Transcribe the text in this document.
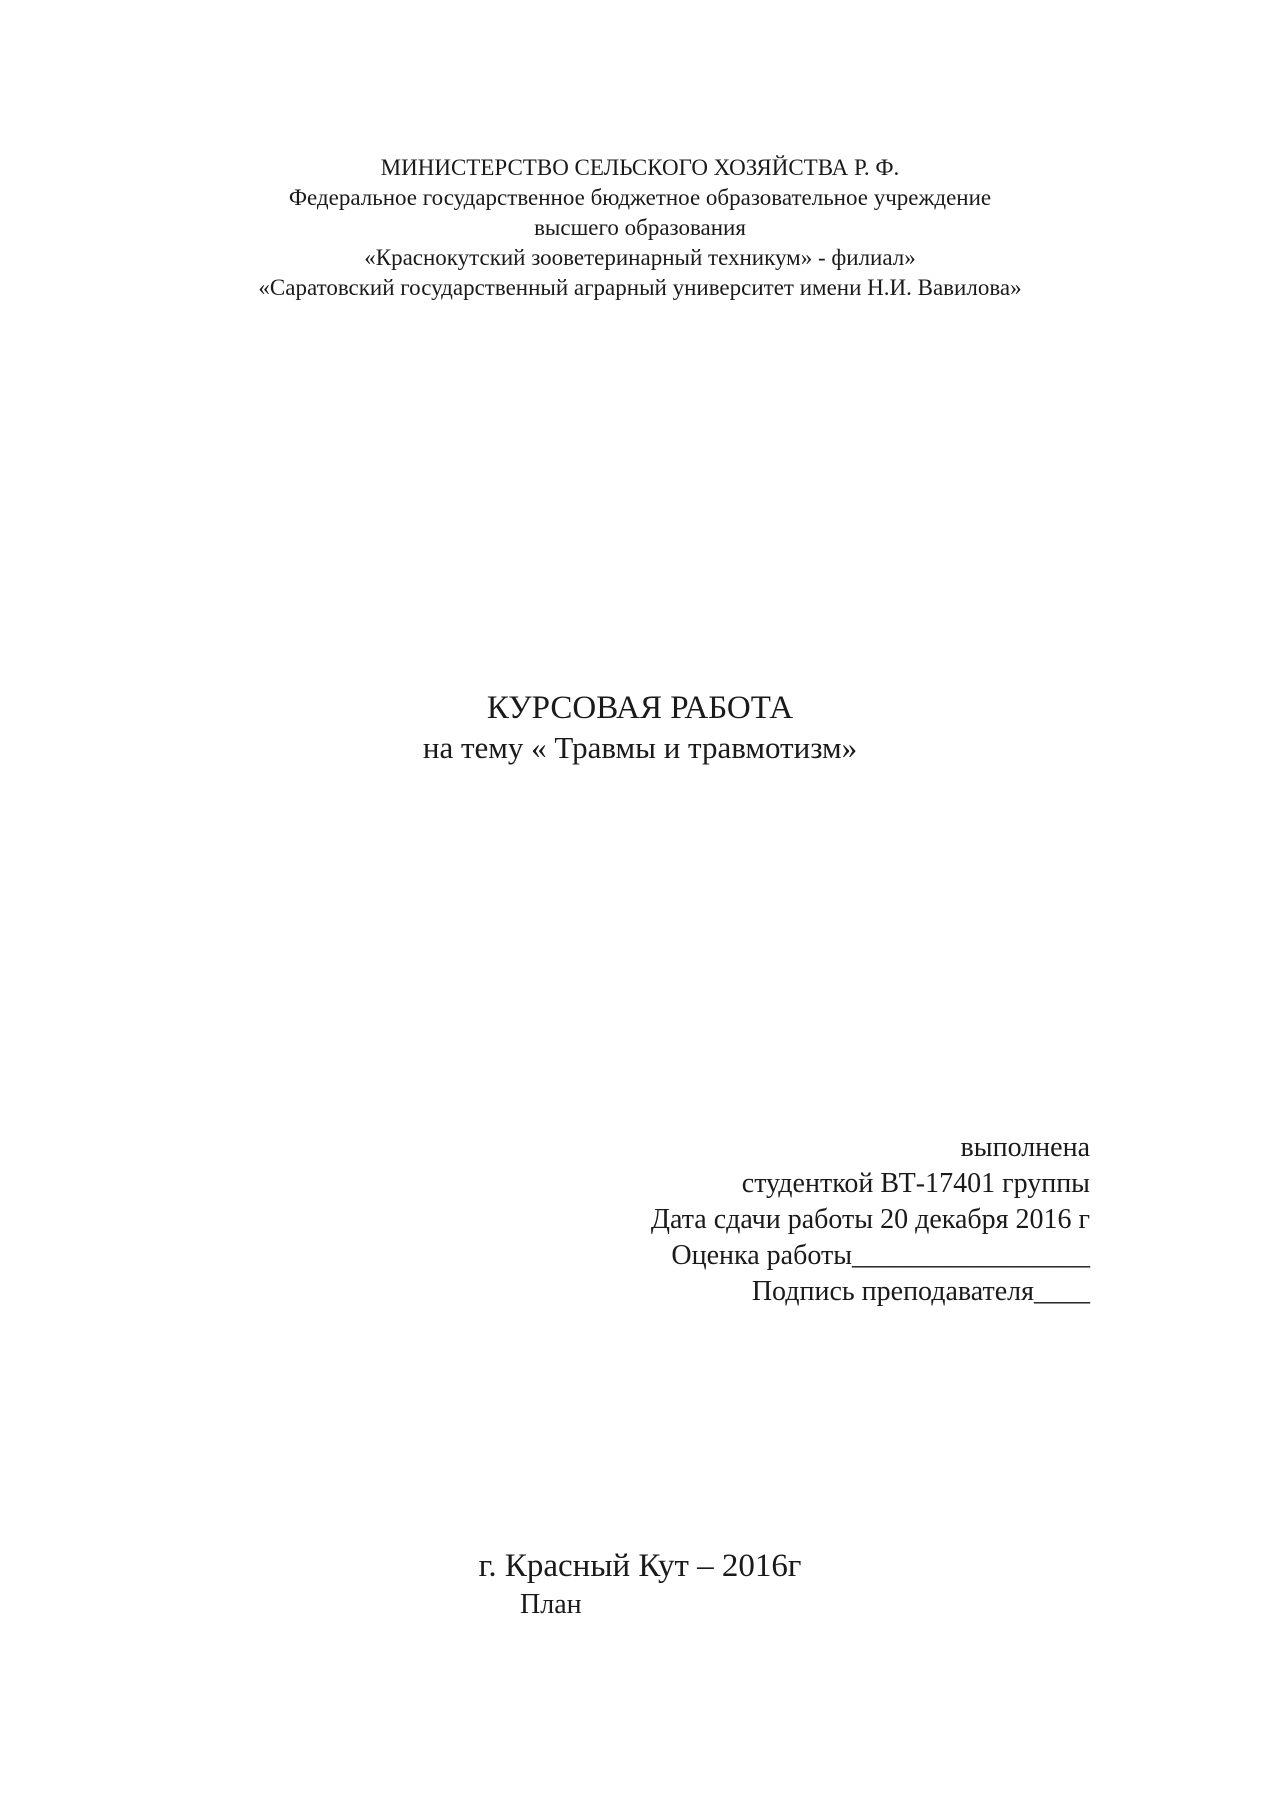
МИНИСТЕРСТВО СЕЛЬСКОГО ХОЗЯЙСТВА Р. Ф.
Федеральное государственное бюджетное образовательное учреждение
высшего образования
«Краснокутский зооветеринарный техникум» - филиал»
«Саратовский государственный аграрный университет имени Н.И. Вавилова»
КУРСОВАЯ РАБОТА
на тему « Травмы и травмотизм»
выполнена
студенткой ВТ-17401 группы
Дата сдачи работы 20 декабря 2016 г
Оценка работы_________________
Подпись преподавателя____
г. Красный Кут – 2016г
План
